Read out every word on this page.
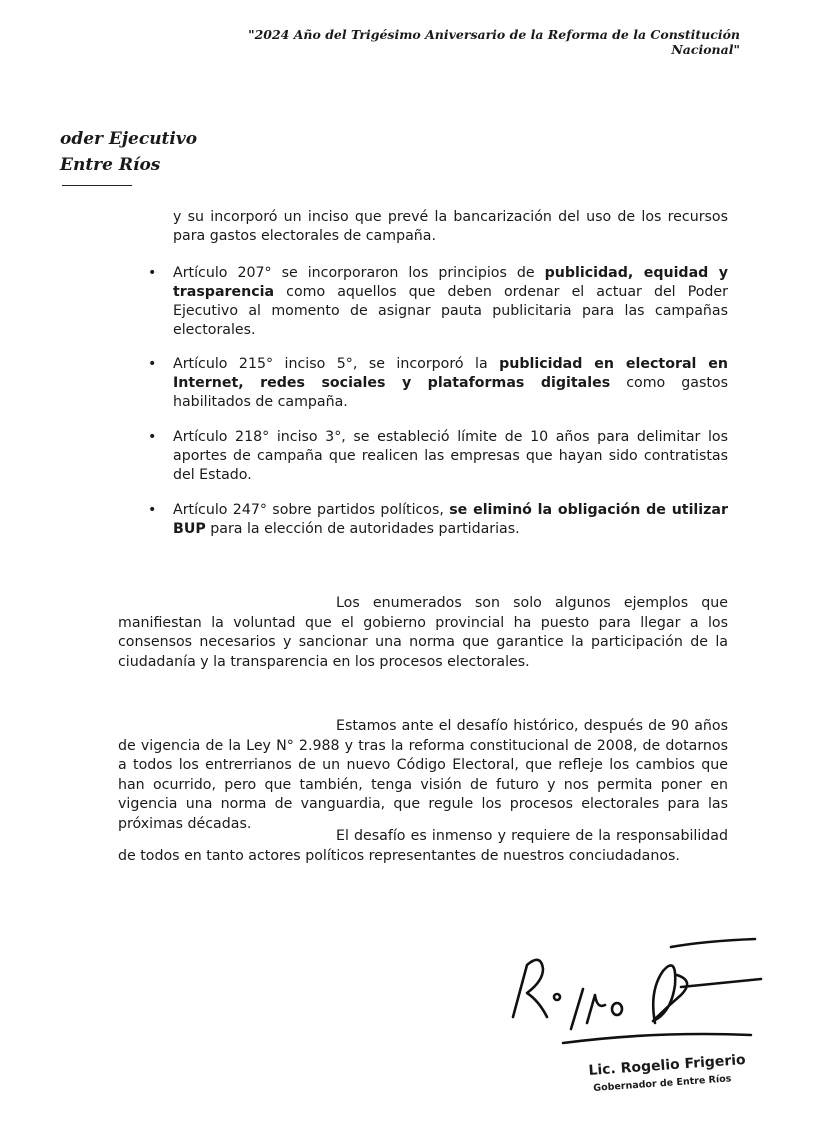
"2024 Año del Trigésimo Aniversario de la Reforma de la Constitución Nacional"
oder Ejecutivo
Entre Ríos
y su incorporó un inciso que prevé la bancarización del uso de los recursos para gastos electorales de campaña.
• Artículo 207° se incorporaron los principios de publicidad, equidad y trasparencia como aquellos que deben ordenar el actuar del Poder Ejecutivo al momento de asignar pauta publicitaria para las campañas electorales.
• Artículo 215° inciso 5°, se incorporó la publicidad en electoral en Internet, redes sociales y plataformas digitales como gastos habilitados de campaña.
• Artículo 218° inciso 3°, se estableció límite de 10 años para delimitar los aportes de campaña que realicen las empresas que hayan sido contratistas del Estado.
• Artículo 247° sobre partidos políticos, se eliminó la obligación de utilizar BUP para la elección de autoridades partidarias.
Los enumerados son solo algunos ejemplos que manifiestan la voluntad que el gobierno provincial ha puesto para llegar a los consensos necesarios y sancionar una norma que garantice la participación de la ciudadanía y la transparencia en los procesos electorales.
Estamos ante el desafío histórico, después de 90 años de vigencia de la Ley N° 2.988 y tras la reforma constitucional de 2008, de dotarnos a todos los entrerrianos de un nuevo Código Electoral, que refleje los cambios que han ocurrido, pero que también, tenga visión de futuro y nos permita poner en vigencia una norma de vanguardia, que regule los procesos electorales para las próximas décadas.
El desafío es inmenso y requiere de la responsabilidad de todos en tanto actores políticos representantes de nuestros conciudadanos.
Lic. Rogelio Frigerio
Gobernador de Entre Ríos
